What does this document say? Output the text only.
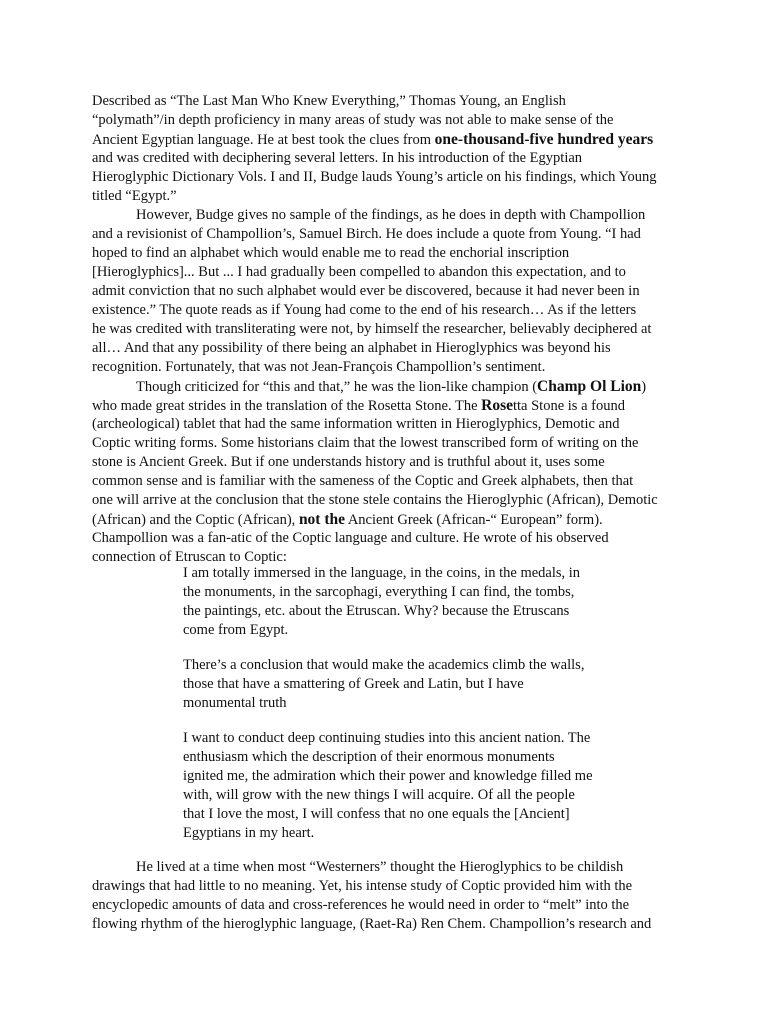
Described as “The Last Man Who Knew Everything,” Thomas Young, an English
“polymath”/in depth proficiency in many areas of study was not able to make sense of the
Ancient Egyptian language. He at best took the clues from one-thousand-five hundred years
and was credited with deciphering several letters. In his introduction of the Egyptian
Hieroglyphic Dictionary Vols. I and II, Budge lauds Young’s article on his findings, which Young
titled “Egypt.”
However, Budge gives no sample of the findings, as he does in depth with Champollion
and a revisionist of Champollion’s, Samuel Birch. He does include a quote from Young. “I had
hoped to find an alphabet which would enable me to read the enchorial inscription
[Hieroglyphics]... But ... I had gradually been compelled to abandon this expectation, and to
admit conviction that no such alphabet would ever be discovered, because it had never been in
existence.” The quote reads as if Young had come to the end of his research… As if the letters
he was credited with transliterating were not, by himself the researcher, believably deciphered at
all… And that any possibility of there being an alphabet in Hieroglyphics was beyond his
recognition. Fortunately, that was not Jean-François Champollion’s sentiment.
Though criticized for “this and that,” he was the lion-like champion (Champ Ol Lion)
who made great strides in the translation of the Rosetta Stone. The Rosetta Stone is a found
(archeological) tablet that had the same information written in Hieroglyphics, Demotic and
Coptic writing forms. Some historians claim that the lowest transcribed form of writing on the
stone is Ancient Greek. But if one understands history and is truthful about it, uses some
common sense and is familiar with the sameness of the Coptic and Greek alphabets, then that
one will arrive at the conclusion that the stone stele contains the Hieroglyphic (African), Demotic
(African) and the Coptic (African), not the Ancient Greek (African-“ European” form).
Champollion was a fan-atic of the Coptic language and culture. He wrote of his observed
connection of Etruscan to Coptic:
I am totally immersed in the language, in the coins, in the medals, in
the monuments, in the sarcophagi, everything I can find, the tombs,
the paintings, etc. about the Etruscan. Why? because the Etruscans
come from Egypt.
There’s a conclusion that would make the academics climb the walls,
those that have a smattering of Greek and Latin, but I have
monumental truth
I want to conduct deep continuing studies into this ancient nation. The
enthusiasm which the description of their enormous monuments
ignited me, the admiration which their power and knowledge filled me
with, will grow with the new things I will acquire. Of all the people
that I love the most, I will confess that no one equals the [Ancient]
Egyptians in my heart.
He lived at a time when most “Westerners” thought the Hieroglyphics to be childish
drawings that had little to no meaning. Yet, his intense study of Coptic provided him with the
encyclopedic amounts of data and cross-references he would need in order to “melt” into the
flowing rhythm of the hieroglyphic language, (Raet-Ra) Ren Chem. Champollion’s research and
